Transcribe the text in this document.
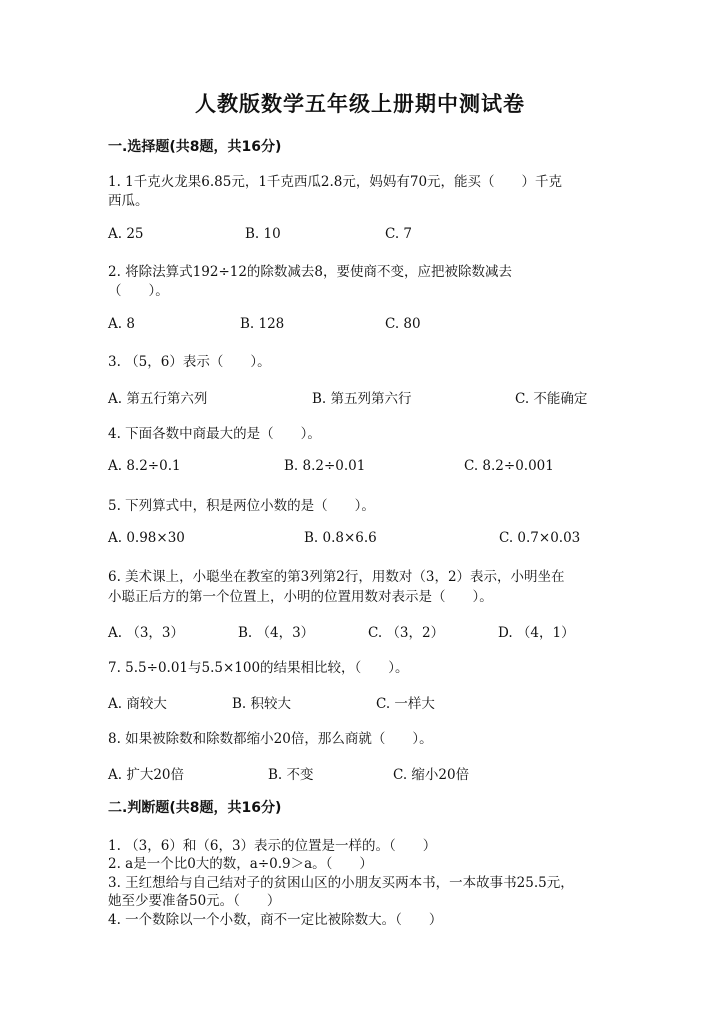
人教版数学五年级上册期中测试卷
一.选择题(共8题，共16分)
1. 1千克火龙果6.85元，1千克西瓜2.8元，妈妈有70元，能买（　　）千克
西瓜。
A. 25	B. 10	C. 7
2. 将除法算式192÷12的除数减去8，要使商不变，应把被除数减去
（　　）。
A. 8	B. 128	C. 80
3. （5，6）表示（　　）。
A. 第五行第六列	B. 第五列第六行	C. 不能确定
4. 下面各数中商最大的是（　　）。
A. 8.2÷0.1	B. 8.2÷0.01	C. 8.2÷0.001
5. 下列算式中，积是两位小数的是（　　）。
A. 0.98×30	B. 0.8×6.6	C. 0.7×0.03
6. 美术课上，小聪坐在教室的第3列第2行，用数对（3，2）表示，小明坐在
小聪正后方的第一个位置上，小明的位置用数对表示是（　　）。
A. （3，3）	B. （4，3）	C. （3，2）	D. （4，1）
7. 5.5÷0.01与5.5×100的结果相比较，（　　）。
A. 商较大	B. 积较大	C. 一样大
8. 如果被除数和除数都缩小20倍，那么商就（　　）。
A. 扩大20倍	B. 不变	C. 缩小20倍
二.判断题(共8题，共16分)
1. （3，6）和（6，3）表示的位置是一样的。（　　）
2. a是一个比0大的数，a÷0.9＞a。（　　）
3. 王红想给与自己结对子的贫困山区的小朋友买两本书，一本故事书25.5元，
她至少要准备50元。（　　）
4. 一个数除以一个小数，商不一定比被除数大。（　　）
